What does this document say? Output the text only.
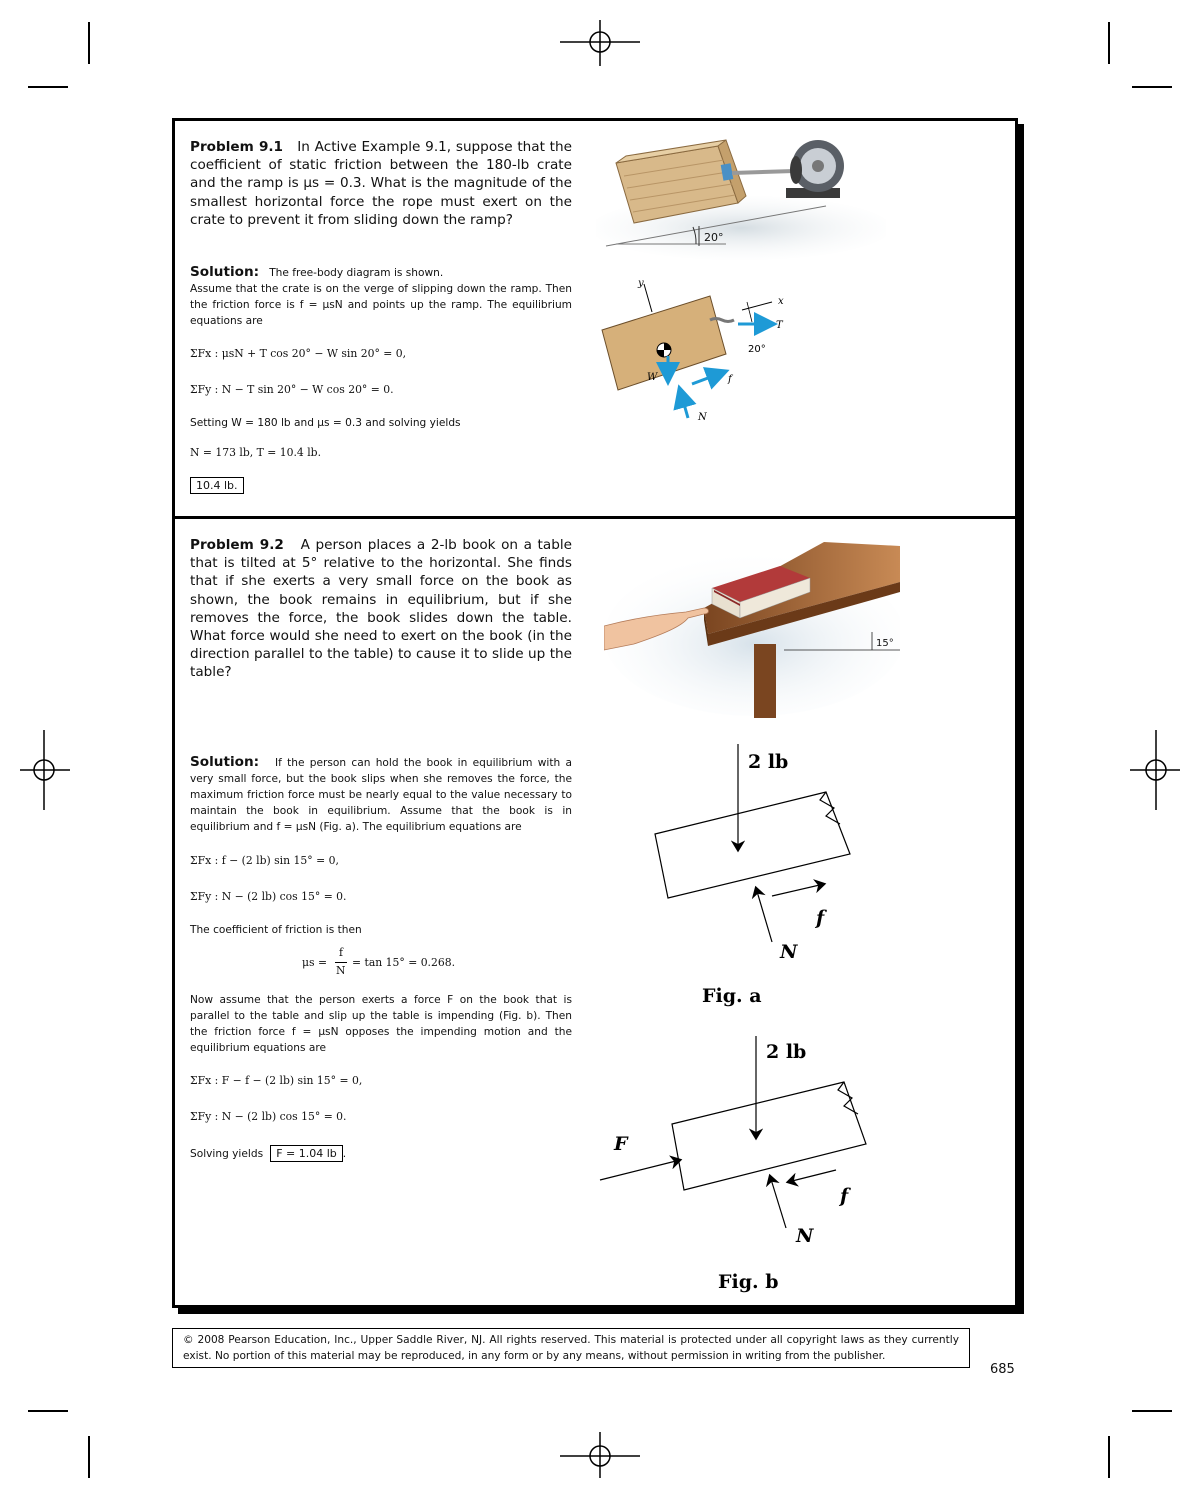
Problem 9.1 In Active Example 9.1, suppose that the coefficient of static friction between the 180-lb crate and the ramp is μs = 0.3. What is the magnitude of the smallest horizontal force the rope must exert on the crate to prevent it from sliding down the ramp?
Solution: The free-body diagram is shown.
Assume that the crate is on the verge of slipping down the ramp. Then the friction force is f = μsN and points up the ramp. The equilibrium equations are
ΣFx : μsN + T cos 20° − W sin 20° = 0,
ΣFy : N − T sin 20° − W cos 20° = 0.
Setting W = 180 lb and μs = 0.3 and solving yields
N = 173 lb, T = 10.4 lb.
10.4 lb.
20°
y
x
T
20°
W	f
N
Problem 9.2 A person places a 2-lb book on a table that is tilted at 5° relative to the horizontal. She finds that if she exerts a very small force on the book as shown, the book remains in equilibrium, but if she removes the force, the book slides down the table. What force would she need to exert on the book (in the direction parallel to the table) to cause it to slide up the table?
15°
Solution: If the person can hold the book in equilibrium with a very small force, but the book slips when she removes the force, the maximum friction force must be nearly equal to the value necessary to maintain the book in equilibrium. Assume that the book is in equilibrium and f = μsN (Fig. a). The equilibrium equations are
ΣFx : f − (2 lb) sin 15° = 0,
ΣFy : N − (2 lb) cos 15° = 0.
The coefficient of friction is then
μs =
f
N
= tan 15° = 0.268.
Now assume that the person exerts a force F on the book that is parallel to the table and slip up the table is impending (Fig. b). Then the friction force f = μsN opposes the impending motion and the equilibrium equations are
ΣFx : F − f − (2 lb) sin 15° = 0,
ΣFy : N − (2 lb) cos 15° = 0.
Solving yields F = 1.04 lb .
2 lb
N
f
Fig. a
2 lb
F
N
f
Fig. b
© 2008 Pearson Education, Inc., Upper Saddle River, NJ. All rights reserved. This material is protected under all copyright laws as they currently exist. No portion of this material may be reproduced, in any form or by any means, without permission in writing from the publisher.
685
